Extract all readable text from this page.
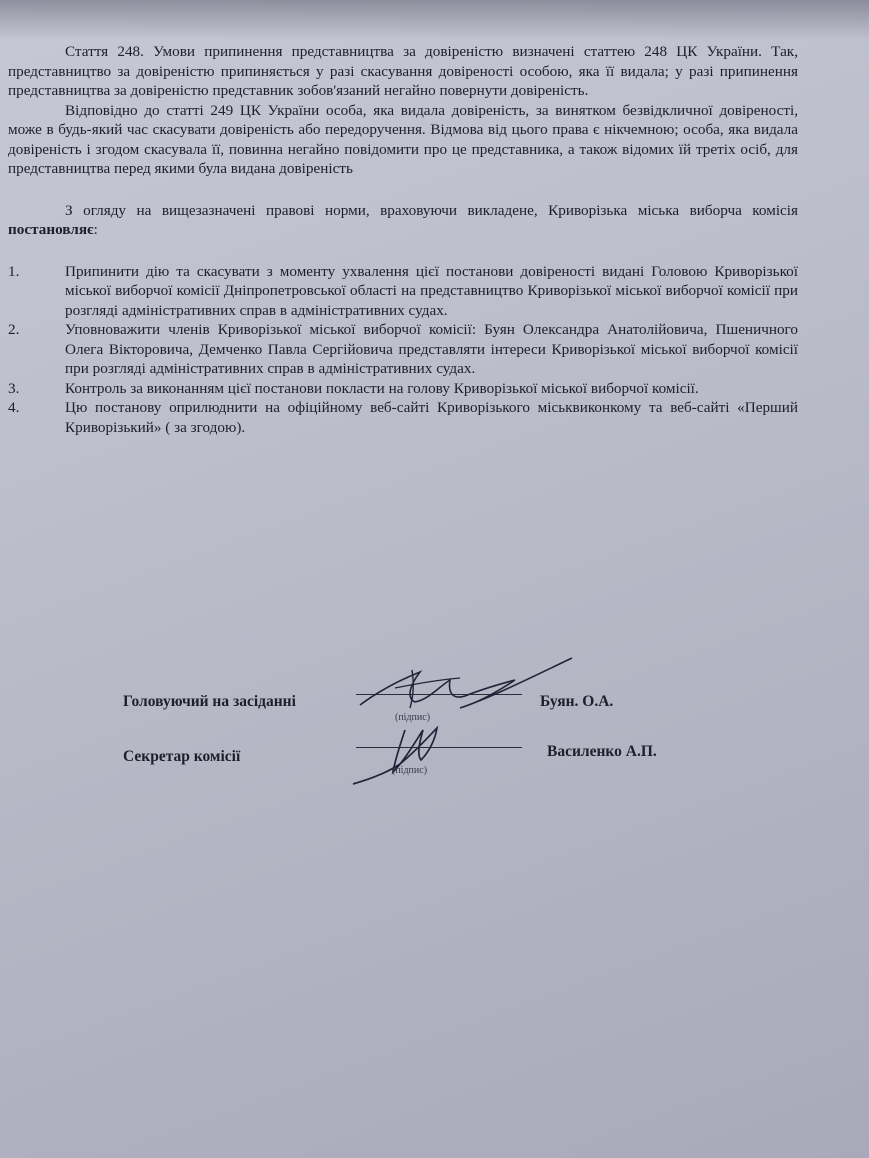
Стаття 248. Умови припинення представництва за довіреністю визначені статтею 248 ЦК України. Так, представництво за довіреністю припиняється у разі скасування довіреності особою, яка її видала; у разі припинення представництва за довіреністю представник зобов'язаний негайно повернути довіреність.

Відповідно до статті 249 ЦК України особа, яка видала довіреність, за винятком безвідкличної довіреності, може в будь-який час скасувати довіреність або передоручення. Відмова від цього права є нікчемною; особа, яка видала довіреність і згодом скасувала її, повинна негайно повідомити про це представника, а також відомих їй третіх осіб, для представництва перед якими була видана довіреність

З огляду на вищезазначені правові норми, враховуючи викладене, Криворізька міська виборча комісія постановляє:

1.	Припинити дію та скасувати з моменту ухвалення цієї постанови довіреності видані Головою Криворізької міської виборчої комісії Дніпропетровської області на представництво Криворізької міської виборчої комісії при розгляді адміністративних справ в адміністративних судах.
2.	Уповноважити членів Криворізької міської виборчої комісії: Буян Олександра Анатолійовича, Пшеничного Олега Вікторовича, Демченко Павла Сергійовича представляти інтереси Криворізької міської виборчої комісії при розгляді адміністративних справ в адміністративних судах.
3.	Контроль за виконанням цієї постанови покласти на голову Криворізької міської виборчої комісії.
4.	Цю постанову оприлюднити на офіційному веб-сайті Криворізького міськвиконкому та веб-сайті «Перший Криворізький» ( за згодою).
Головуючий на засіданні
(підпис)
Буян. О.А.
Секретар комісії
(підпис)
Василенко А.П.
